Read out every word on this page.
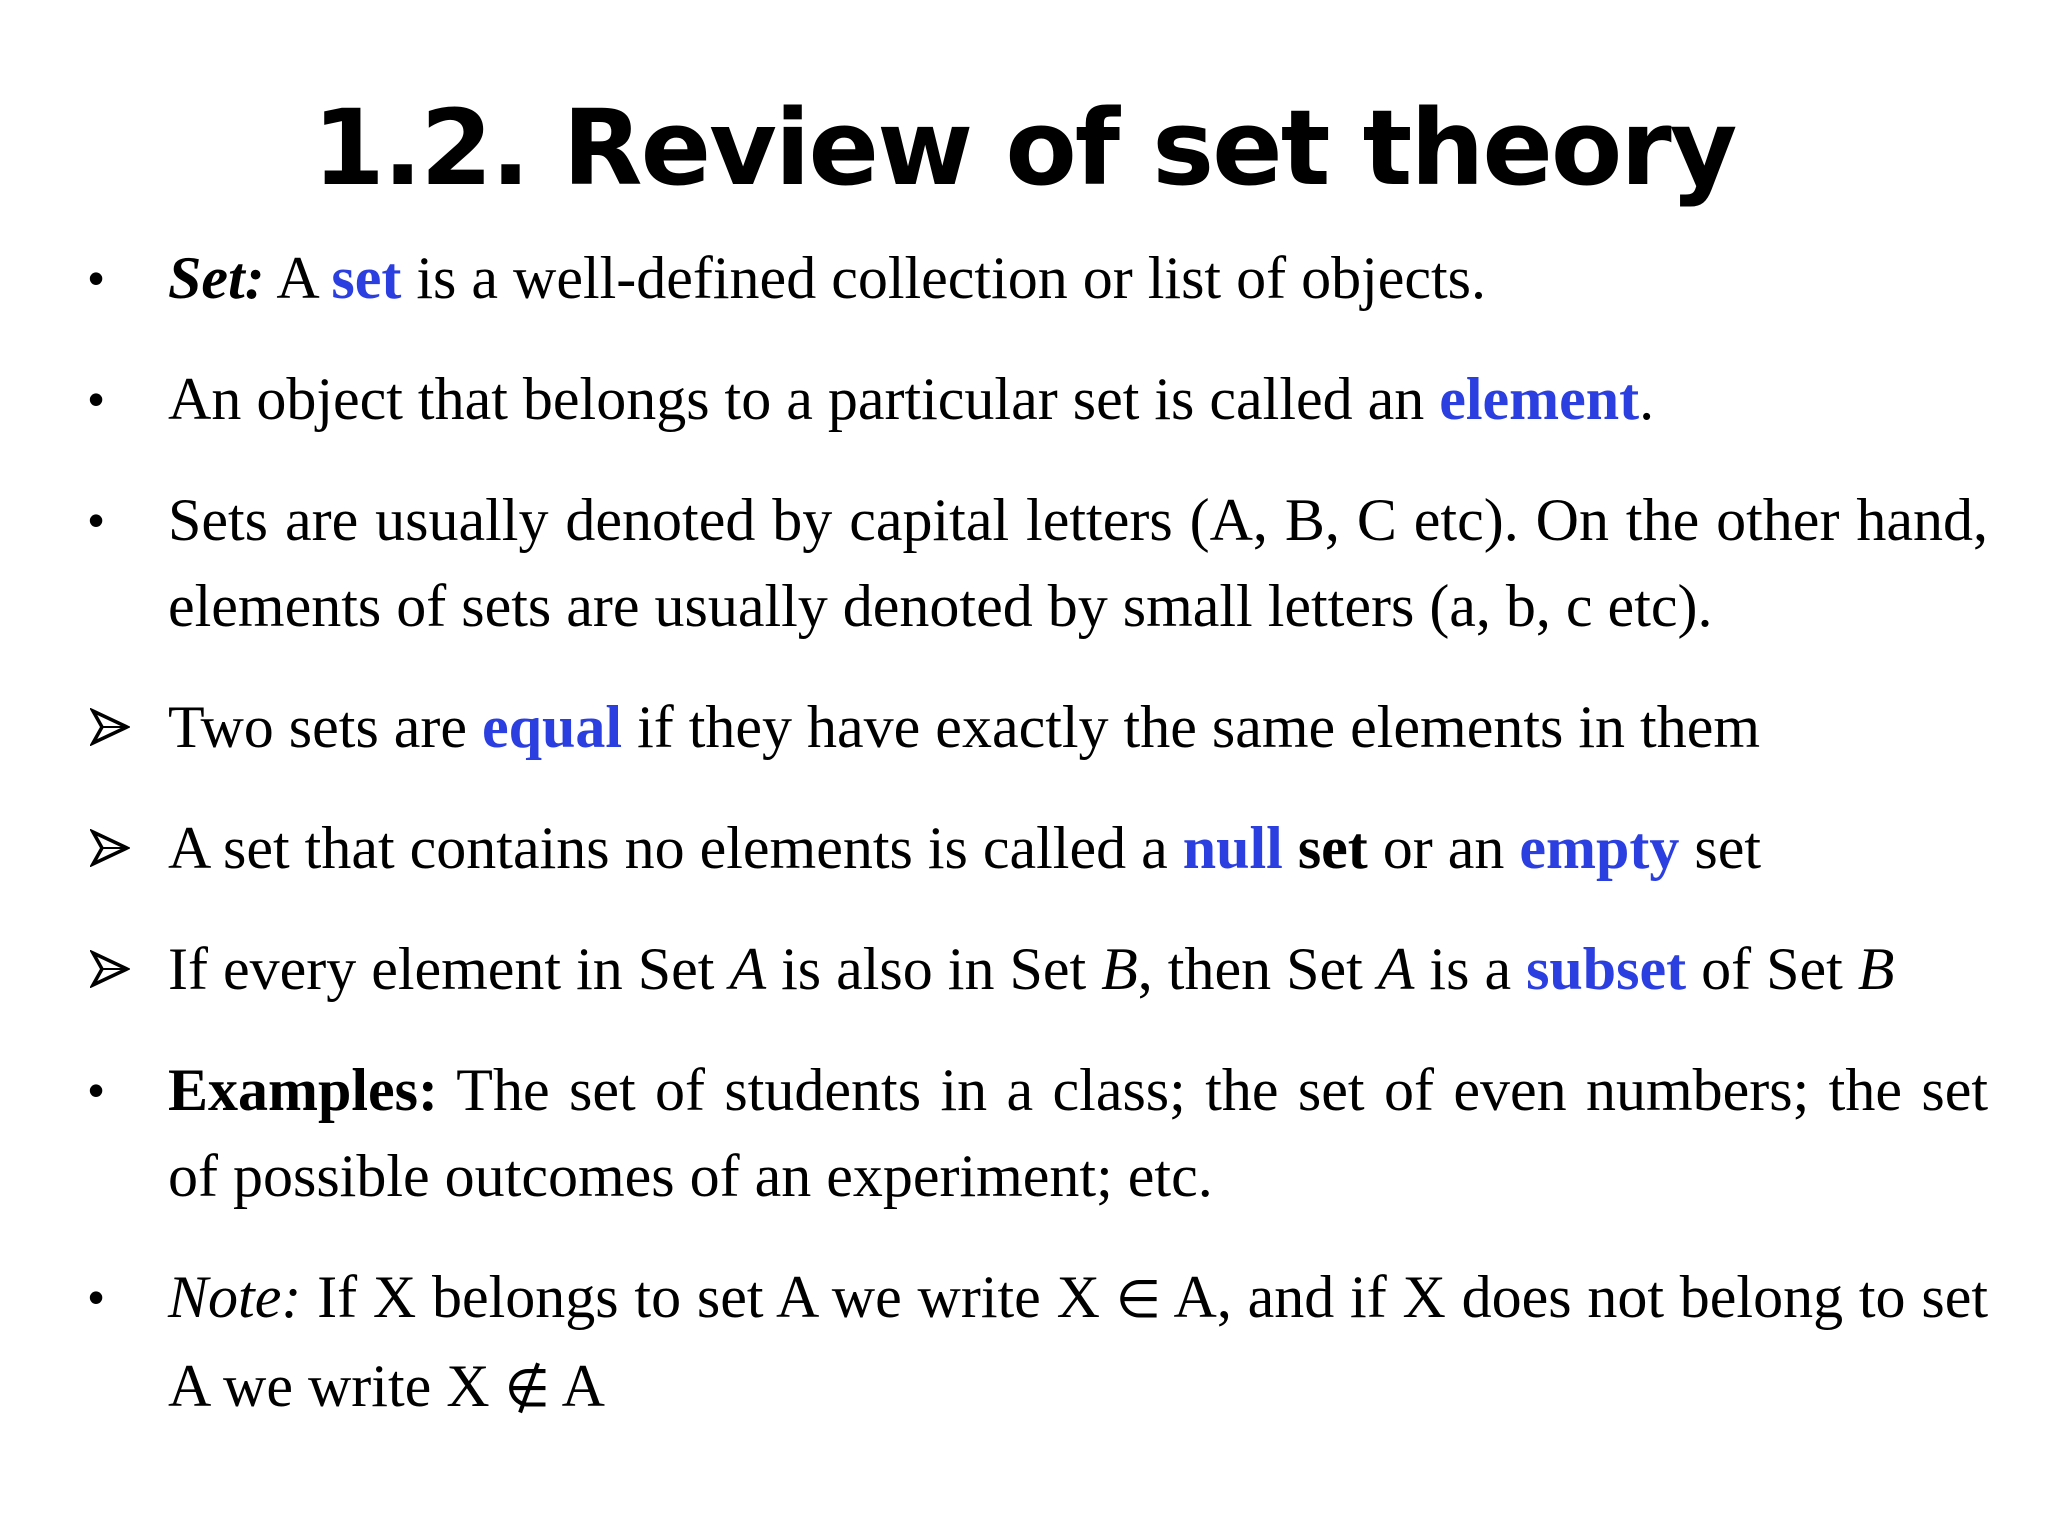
1.2. Review of set theory
•	Set: A set is a well-defined collection or list of objects.
•	An object that belongs to a particular set is called an element.
•	Sets are usually denoted by capital letters (A, B, C etc). On the other hand, elements of sets are usually denoted by small letters (a, b, c etc).
Two sets are equal if they have exactly the same elements in them
A set that contains no elements is called a null set or an empty set
If every element in Set A is also in Set B, then Set A is a subset of Set B
•	Examples: The set of students in a class; the set of even numbers; the set of possible outcomes of an experiment; etc.
•	Note: If X belongs to set A we write X ∈ A, and if X does not belong to set A we write X ∉ A
